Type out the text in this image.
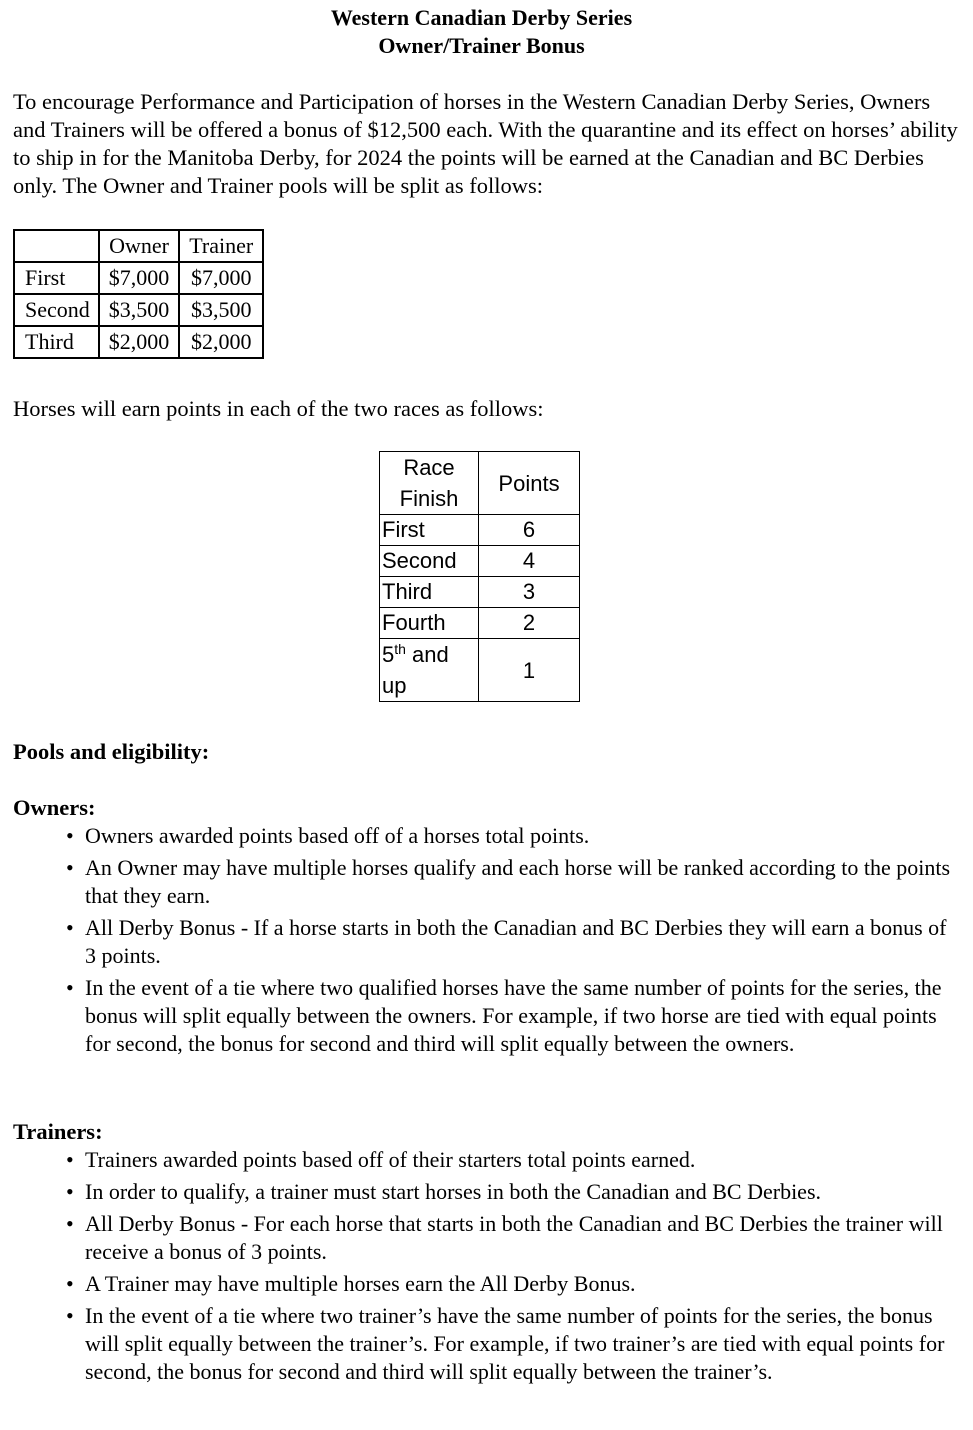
Western Canadian Derby Series
Owner/Trainer Bonus

To encourage Performance and Participation of horses in the Western Canadian Derby Series, Owners and Trainers will be offered a bonus of $12,500 each. With the quarantine and its effect on horses’ ability to ship in for the Manitoba Derby, for 2024 the points will be earned at the Canadian and BC Derbies only. The Owner and Trainer pools will be split as follows:

	Owner	Trainer
First	$7,000	$7,000
Second	$3,500	$3,500
Third	$2,000	$2,000

Horses will earn points in each of the two races as follows:

Race
Finish	Points
First	6
Second	4
Third	3
Fourth	2
5th and
up	1
Pools and eligibility:
Owners:
• Owners awarded points based off of a horses total points.
• An Owner may have multiple horses qualify and each horse will be ranked according to the points that they earn.
• All Derby Bonus - If a horse starts in both the Canadian and BC Derbies they will earn a bonus of 3 points.
• In the event of a tie where two qualified horses have the same number of points for the series, the bonus will split equally between the owners. For example, if two horse are tied with equal points for second, the bonus for second and third will split equally between the owners.
Trainers:
• Trainers awarded points based off of their starters total points earned.
• In order to qualify, a trainer must start horses in both the Canadian and BC Derbies.
• All Derby Bonus - For each horse that starts in both the Canadian and BC Derbies the trainer will receive a bonus of 3 points.
• A Trainer may have multiple horses earn the All Derby Bonus.
• In the event of a tie where two trainer’s have the same number of points for the series, the bonus will split equally between the trainer’s. For example, if two trainer’s are tied with equal points for second, the bonus for second and third will split equally between the trainer’s.
